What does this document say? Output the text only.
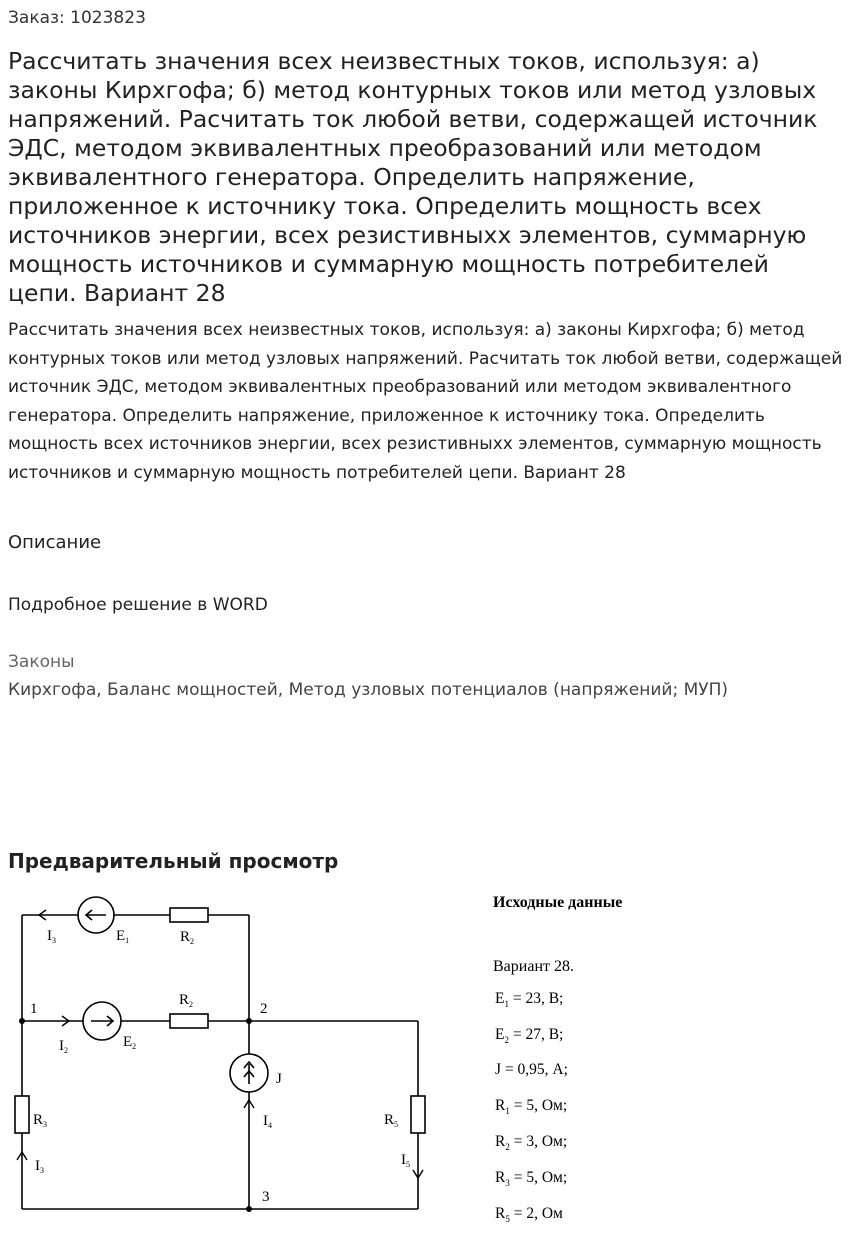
Заказ: 1023823
Рассчитать значения всех неизвестных токов, используя: а) законы Кирхгофа; б) метод контурных токов или метод узловых напряжений. Расчитать ток любой ветви, содержащей источник ЭДС, методом эквивалентных преобразований или методом эквивалентного генератора. Определить напряжение, приложенное к источнику тока. Определить мощность всех источников энергии, всех резистивныхх элементов, суммарную мощность источников и суммарную мощность потребителей цепи. Вариант 28

Рассчитать значения всех неизвестных токов, используя: а) законы Кирхгофа; б) метод контурных токов или метод узловых напряжений. Расчитать ток любой ветви, содержащей источник ЭДС, методом эквивалентных преобразований или методом эквивалентного генератора. Определить напряжение, приложенное к источнику тока. Определить мощность всех источников энергии, всех резистивныхх элементов, суммарную мощность источников и суммарную мощность потребителей цепи. Вариант 28

Описание
Подробное решение в WORD
Законы
Кирхгофа, Баланс мощностей, Метод узловых потенциалов (напряжений; МУП)
Предварительный просмотр
1	2
3
$I_3$	$E_1$	$R_2$
$R_2$
$I_2$
$E_2$
J
$R_3$
$I_3$
$I_4$	$R_5$
$I_5$
Исходные данные
Вариант 28.
$E_1 = 23$, В;
$E_2 = 27$, В;
J = 0,95, А;
$R_1 = 5$, Ом;
$R_2 = 3$, Ом;
$R_3 = 5$, Ом;
$R_5 = 2$, Ом
